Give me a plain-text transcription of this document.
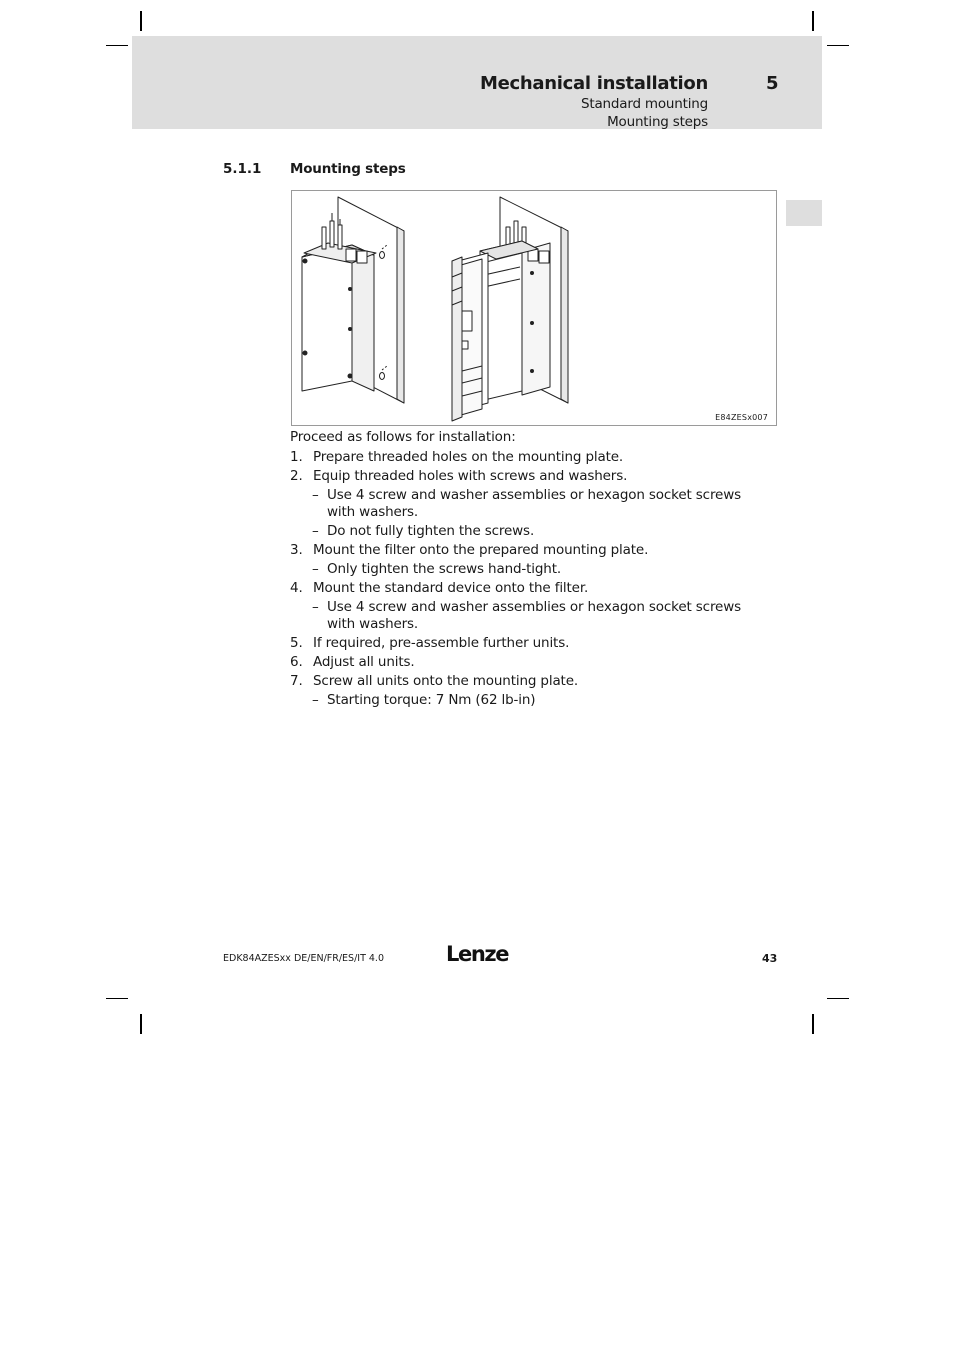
Mechanical installation	5
Standard mounting
Mounting steps
5.1.1 Mounting steps
E84ZESx007

Proceed as follows for installation:

1. Prepare threaded holes on the mounting plate.
2. Equip threaded holes with screws and washers.
– Use 4 screw and washer assemblies or hexagon socket screws with washers.
– Do not fully tighten the screws.
3. Mount the filter onto the prepared mounting plate.
– Only tighten the screws hand-tight.
4. Mount the standard device onto the filter.
– Use 4 screw and washer assemblies or hexagon socket screws with washers.
5. If required, pre-assemble further units.
6. Adjust all units.
7. Screw all units onto the mounting plate.
– Starting torque: 7 Nm (62 lb-in)
EDK84AZESxx DE/EN/FR/ES/IT 4.0	Lenze	43
